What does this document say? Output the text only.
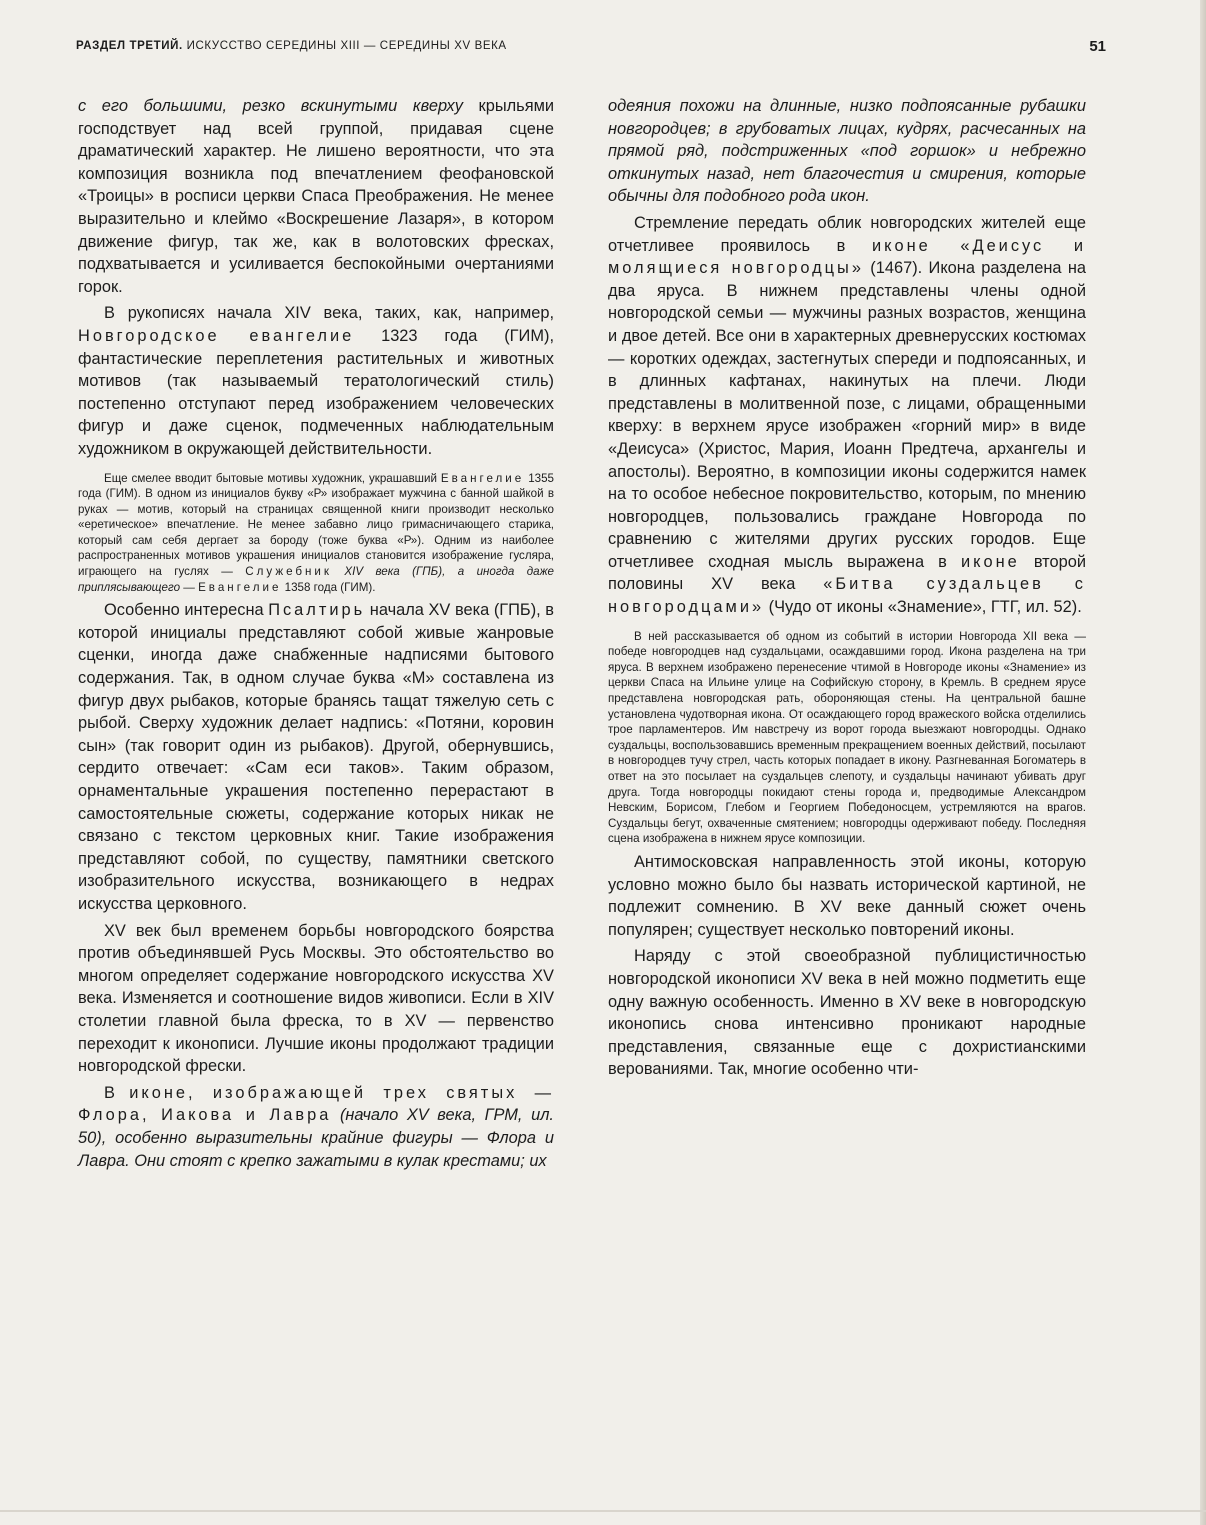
РАЗДЕЛ ТРЕТИЙ. ИСКУССТВО СЕРЕДИНЫ XIII — СЕРЕДИНЫ XV ВЕКА	51

с его большими, резко вскинутыми кверху крыльями господствует над всей группой, придавая сцене драматический характер. Не лишено вероятности, что эта композиция возникла под впечатлением феофановской «Троицы» в росписи церкви Спаса Преображения. Не менее выразительно и клеймо «Воскрешение Лазаря», в котором движение фигур, так же, как в волотовских фресках, подхватывается и усиливается беспокойными очертаниями горок.

В рукописях начала XIV века, таких, как, например, Новгородское евангелие 1323 года (ГИМ), фантастические переплетения растительных и животных мотивов (так называемый тератологический стиль) постепенно отступают перед изображением человеческих фигур и даже сценок, подмеченных наблюдательным художником в окружающей действительности.

Еще смелее вводит бытовые мотивы художник, украшавший Евангелие 1355 года (ГИМ). В одном из инициалов букву «Р» изображает мужчина с банной шайкой в руках — мотив, который на страницах священной книги производит несколько «еретическое» впечатление. Не менее забавно лицо гримасничающего старика, который сам себя дергает за бороду (тоже буква «Р»). Одним из наиболее распространенных мотивов украшения инициалов становится изображение гусляра, играющего на гуслях — Служебник XIV века (ГПБ), а иногда даже приплясывающего — Евангелие 1358 года (ГИМ).

Особенно интересна Псалтирь начала XV века (ГПБ), в которой инициалы представляют собой живые жанровые сценки, иногда даже снабженные надписями бытового содержания. Так, в одном случае буква «М» составлена из фигур двух рыбаков, которые бранясь тащат тяжелую сеть с рыбой. Сверху художник делает надпись: «Потяни, коровин сын» (так говорит один из рыбаков). Другой, обернувшись, сердито отвечает: «Сам еси таков». Таким образом, орнаментальные украшения постепенно перерастают в самостоятельные сюжеты, содержание которых никак не связано с текстом церковных книг. Такие изображения представляют собой, по существу, памятники светского изобразительного искусства, возникающего в недрах искусства церковного.

XV век был временем борьбы новгородского боярства против объединявшей Русь Москвы. Это обстоятельство во многом определяет содержание новгородского искусства XV века. Изменяется и соотношение видов живописи. Если в XIV столетии главной была фреска, то в XV — первенство переходит к иконописи. Лучшие иконы продолжают традиции новгородской фрески.

В иконе, изображающей трех святых — Флора, Иакова и Лавра (начало XV века, ГРМ, ил. 50), особенно выразительны крайние фигуры — Флора и Лавра. Они стоят с крепко зажатыми в кулак крестами; их

одеяния похожи на длинные, низко подпоясанные рубашки новгородцев; в грубоватых лицах, кудрях, расчесанных на прямой ряд, подстриженных «под горшок» и небрежно откинутых назад, нет благочестия и смирения, которые обычны для подобного рода икон.

Стремление передать облик новгородских жителей еще отчетливее проявилось в иконе «Деисус и молящиеся новгородцы» (1467). Икона разделена на два яруса. В нижнем представлены члены одной новгородской семьи — мужчины разных возрастов, женщина и двое детей. Все они в характерных древнерусских костюмах — коротких одеждах, застегнутых спереди и подпоясанных, и в длинных кафтанах, накинутых на плечи. Люди представлены в молитвенной позе, с лицами, обращенными кверху: в верхнем ярусе изображен «горний мир» в виде «Деисуса» (Христос, Мария, Иоанн Предтеча, архангелы и апостолы). Вероятно, в композиции иконы содержится намек на то особое небесное покровительство, которым, по мнению новгородцев, пользовались граждане Новгорода по сравнению с жителями других русских городов. Еще отчетливее сходная мысль выражена в иконе второй половины XV века «Битва суздальцев с новгородцами» (Чудо от иконы «Знамение», ГТГ, ил. 52).

В ней рассказывается об одном из событий в истории Новгорода XII века — победе новгородцев над суздальцами, осаждавшими город. Икона разделена на три яруса. В верхнем изображено перенесение чтимой в Новгороде иконы «Знамение» из церкви Спаса на Ильине улице на Софийскую сторону, в Кремль. В среднем ярусе представлена новгородская рать, обороняющая стены. На центральной башне установлена чудотворная икона. От осаждающего город вражеского войска отделились трое парламентеров. Им навстречу из ворот города выезжают новгородцы. Однако суздальцы, воспользовавшись временным прекращением военных действий, посылают в новгородцев тучу стрел, часть которых попадает в икону. Разгневанная Богоматерь в ответ на это посылает на суздальцев слепоту, и суздальцы начинают убивать друг друга. Тогда новгородцы покидают стены города и, предводимые Александром Невским, Борисом, Глебом и Георгием Победоносцем, устремляются на врагов. Суздальцы бегут, охваченные смятением; новгородцы одерживают победу. Последняя сцена изображена в нижнем ярусе композиции.

Антимосковская направленность этой иконы, которую условно можно было бы назвать исторической картиной, не подлежит сомнению. В XV веке данный сюжет очень популярен; существует несколько повторений иконы.

Наряду с этой своеобразной публицистичностью новгородской иконописи XV века в ней можно подметить еще одну важную особенность. Именно в XV веке в новгородскую иконопись снова интенсивно проникают народные представления, связанные еще с дохристианскими верованиями. Так, многие особенно чти-
